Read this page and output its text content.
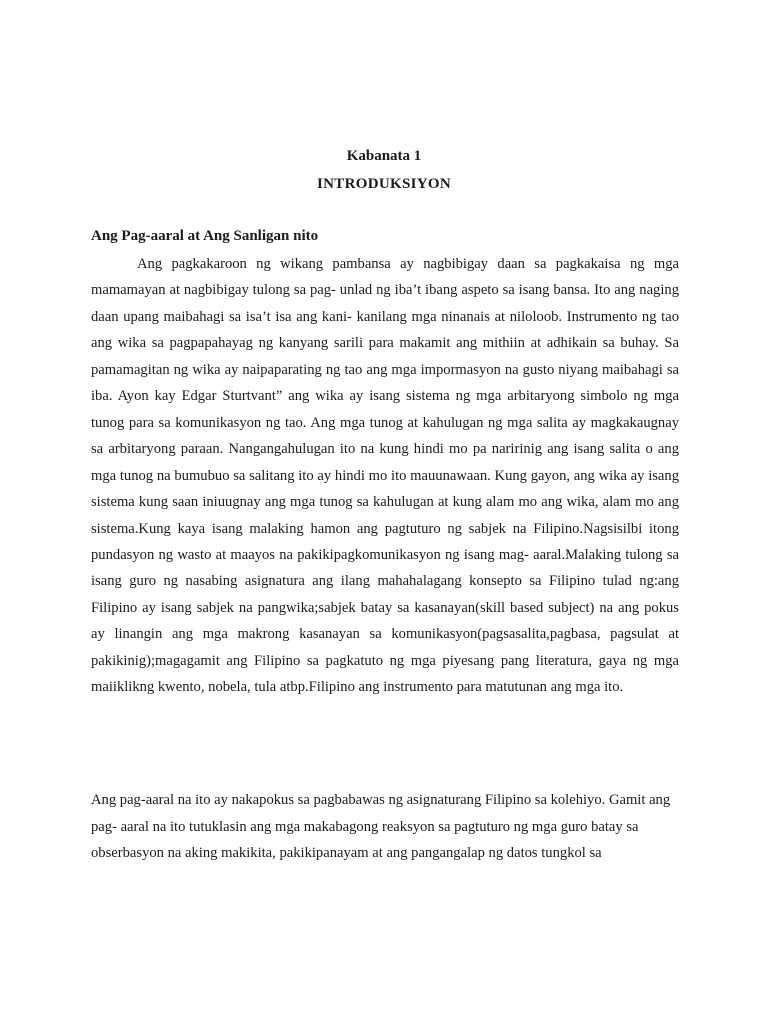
Kabanata 1
INTRODUKSIYON
Ang Pag-aaral at Ang Sanligan nito
Ang pagkakaroon ng wikang pambansa ay nagbibigay daan sa pagkakaisa ng mga mamamayan at nagbibigay tulong sa pag- unlad ng iba’t ibang aspeto sa isang bansa. Ito ang naging daan upang maibahagi sa isa’t isa ang kani- kanilang mga ninanais at niloloob. Instrumento ng tao ang wika sa pagpapahayag ng kanyang sarili para makamit ang mithiin at adhikain sa buhay. Sa pamamagitan ng wika ay naipaparating ng tao ang mga impormasyon na gusto niyang maibahagi sa iba. Ayon kay Edgar Sturtvant” ang wika ay isang sistema ng mga arbitaryong simbolo ng mga tunog para sa komunikasyon ng tao. Ang mga tunog at kahulugan ng mga salita ay magkakaugnay sa arbitaryong paraan. Nangangahulugan ito na kung hindi mo pa naririnig ang isang salita o ang mga tunog na bumubuo sa salitang ito ay hindi mo ito mauunawaan. Kung gayon, ang wika ay isang sistema kung saan iniuugnay ang mga tunog sa kahulugan at kung alam mo ang wika, alam mo ang sistema.Kung kaya isang malaking hamon ang pagtuturo ng sabjek na Filipino.Nagsisilbi itong pundasyon ng wasto at maayos na pakikipagkomunikasyon ng isang mag- aaral.Malaking tulong sa isang guro ng nasabing asignatura ang ilang mahahalagang konsepto sa Filipino tulad ng:ang Filipino ay isang sabjek na pangwika;sabjek batay sa kasanayan(skill based subject) na ang pokus ay linangin ang mga makrong kasanayan sa komunikasyon(pagsasalita,pagbasa, pagsulat at pakikinig);magagamit ang Filipino sa pagkatuto ng mga piyesang pang literatura, gaya ng mga maiiklikng kwento, nobela, tula atbp.Filipino ang instrumento para matutunan ang mga ito.
Ang pag-aaral na ito ay nakapokus sa pagbabawas ng asignaturang Filipino sa kolehiyo. Gamit ang pag- aaral na ito tutuklasin ang mga makabagong reaksyon sa pagtuturo ng mga guro batay sa obserbasyon na aking makikita, pakikipanayam at ang pangangalap ng datos tungkol sa
